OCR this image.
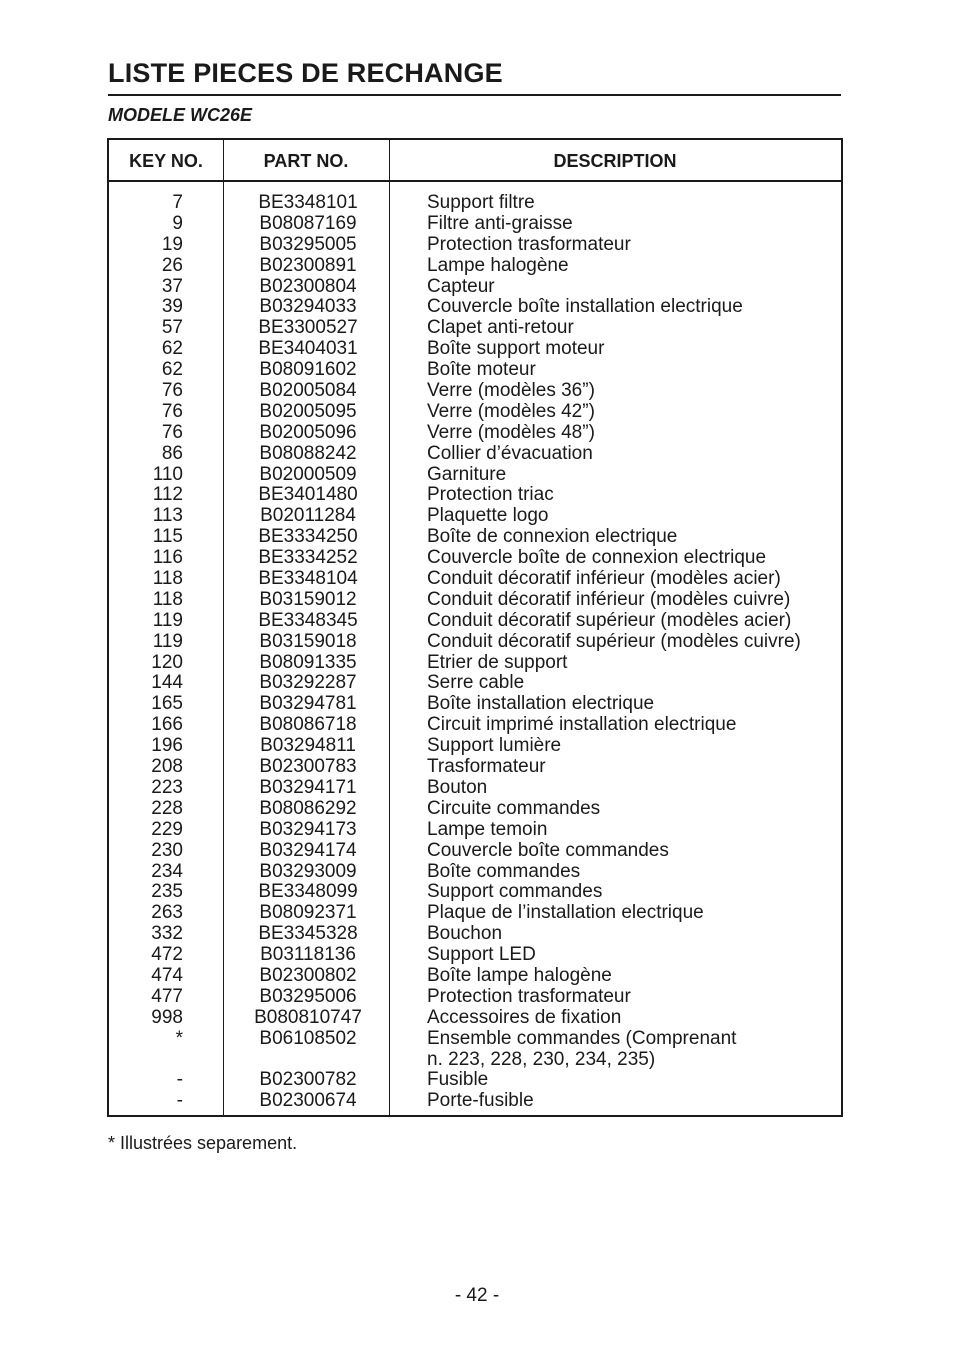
LISTE PIECES DE RECHANGE
MODELE WC26E
KEY NO.	PART NO.	DESCRIPTION
7	BE3348101	Support filtre
9	B08087169	Filtre anti-graisse
19	B03295005	Protection trasformateur
26	B02300891	Lampe halogène
37	B02300804	Capteur
39	B03294033	Couvercle boîte installation electrique
57	BE3300527	Clapet anti-retour
62	BE3404031	Boîte support moteur
62	B08091602	Boîte moteur
76	B02005084	Verre (modèles 36”)
76	B02005095	Verre (modèles 42”)
76	B02005096	Verre (modèles 48”)
86	B08088242	Collier d’évacuation
110	B02000509	Garniture
112	BE3401480	Protection triac
113	B02011284	Plaquette logo
115	BE3334250	Boîte de connexion electrique
116	BE3334252	Couvercle boîte de connexion electrique
118	BE3348104	Conduit décoratif inférieur (modèles acier)
118	B03159012	Conduit décoratif inférieur (modèles cuivre)
119	BE3348345	Conduit décoratif supérieur (modèles acier)
119	B03159018	Conduit décoratif supérieur (modèles cuivre)
120	B08091335	Etrier de support
144	B03292287	Serre cable
165	B03294781	Boîte installation electrique
166	B08086718	Circuit imprimé installation electrique
196	B03294811	Support lumière
208	B02300783	Trasformateur
223	B03294171	Bouton
228	B08086292	Circuite commandes
229	B03294173	Lampe temoin
230	B03294174	Couvercle boîte commandes
234	B03293009	Boîte commandes
235	BE3348099	Support commandes
263	B08092371	Plaque de l’installation electrique
332	BE3345328	Bouchon
472	B03118136	Support LED
474	B02300802	Boîte lampe halogène
477	B03295006	Protection trasformateur
998	B080810747	Accessoires de fixation
*	B06108502	Ensemble commandes (Comprenant
n. 223, 228, 230, 234, 235)
-	B02300782	Fusible
-	B02300674	Porte-fusible
* Illustrées separement.
- 42 -
